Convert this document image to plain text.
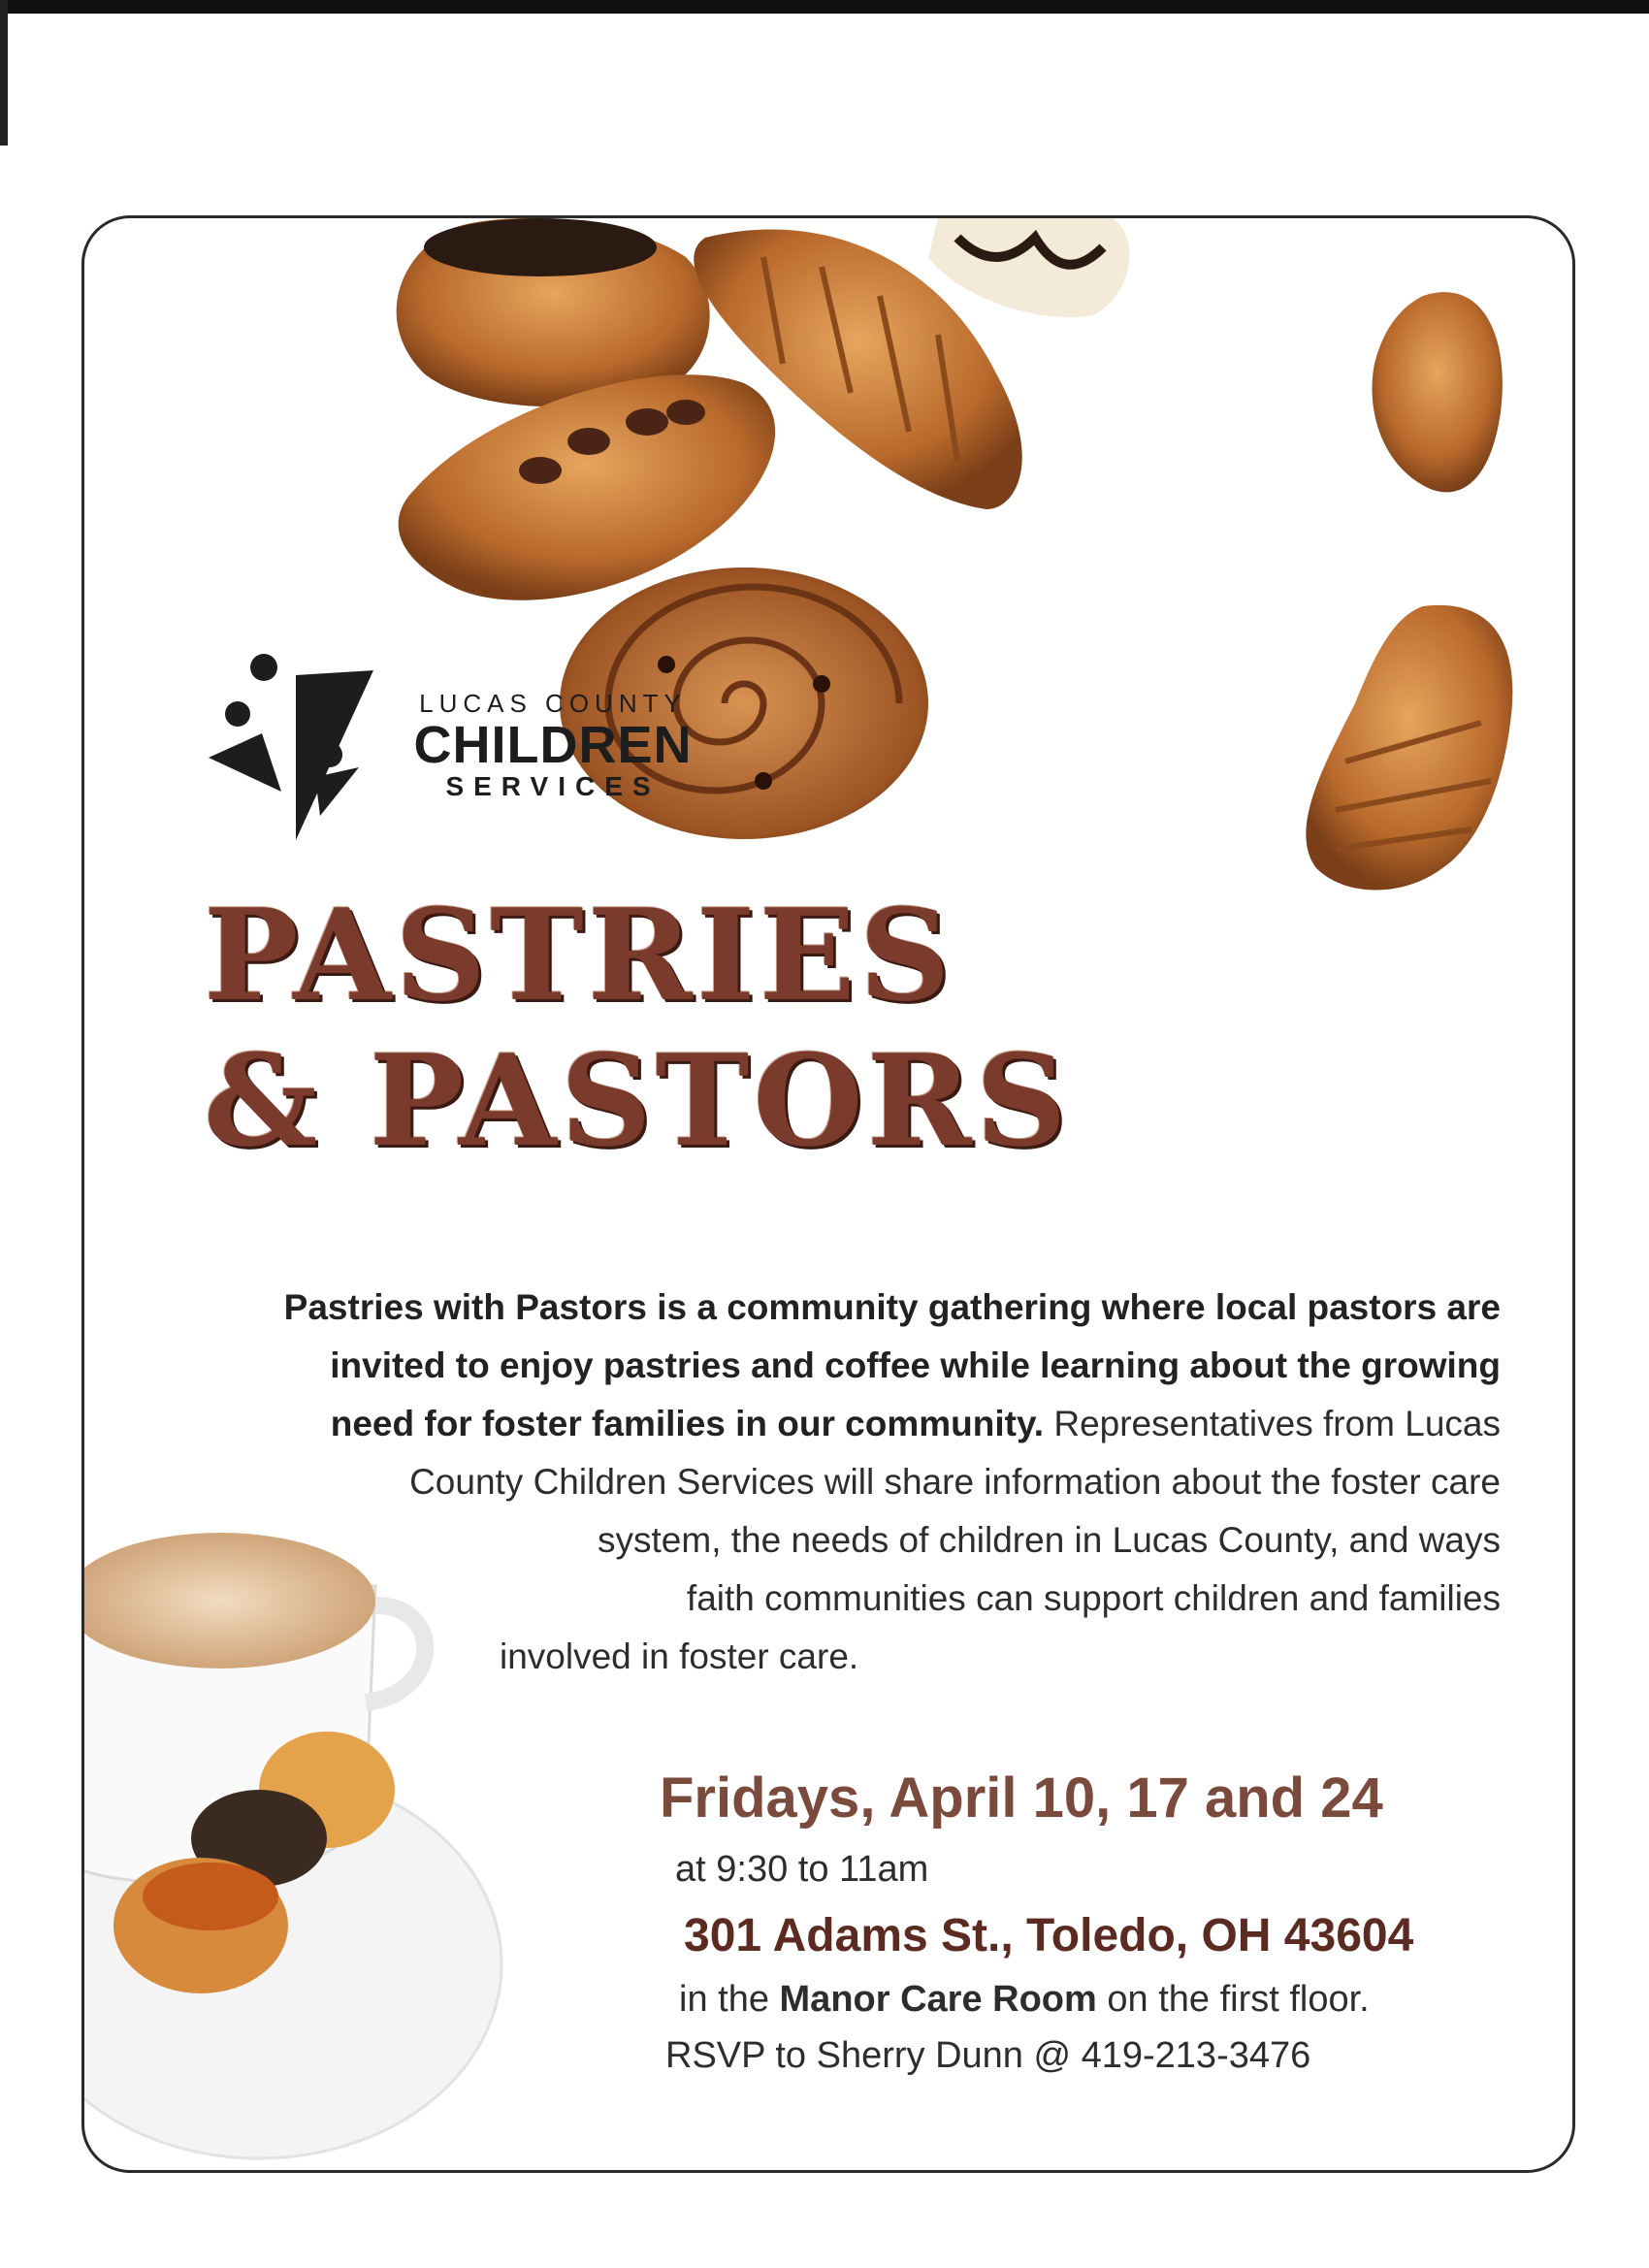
LUCAS COUNTY
CHILDREN
SERVICES
PASTRIES
& PASTORS
Pastries with Pastors is a community gathering where local pastors are
invited to enjoy pastries and coffee while learning about the growing
need for foster families in our community. Representatives from Lucas
County Children Services will share information about the foster care
system, the needs of children in Lucas County, and ways
faith communities can support children and families
involved in foster care.
Fridays, April 10, 17 and 24
at 9:30 to 11am
301 Adams St., Toledo, OH 43604
in the Manor Care Room on the first floor.
RSVP to Sherry Dunn @ 419-213-3476
